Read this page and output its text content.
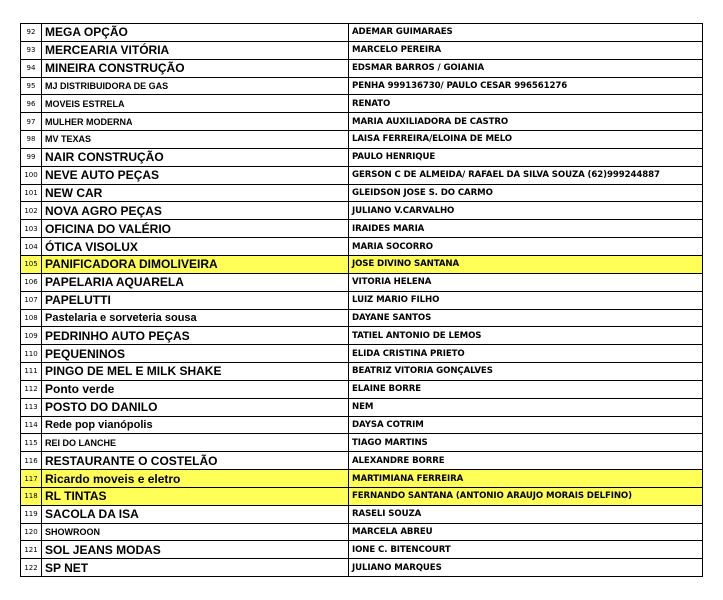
92	MEGA OPÇÃO	ADEMAR GUIMARAES
93	MERCEARIA VITÓRIA	MARCELO PEREIRA
94	MINEIRA CONSTRUÇÃO	EDSMAR BARROS / GOIANIA
95	MJ DISTRIBUIDORA DE GAS	PENHA 999136730/ PAULO CESAR 996561276
96	MOVEIS ESTRELA	RENATO
97	MULHER MODERNA	MARIA AUXILIADORA DE CASTRO
98	MV TEXAS	LAISA FERREIRA/ELOINA DE MELO
99	NAIR CONSTRUÇÃO	PAULO HENRIQUE
100	NEVE AUTO PEÇAS	GERSON C DE ALMEIDA/ RAFAEL DA SILVA SOUZA (62)999244887
101	NEW CAR	GLEIDSON JOSE S. DO CARMO
102	NOVA AGRO PEÇAS	JULIANO V.CARVALHO
103	OFICINA DO VALÉRIO	IRAIDES MARIA
104	ÓTICA VISOLUX	MARIA SOCORRO
105	PANIFICADORA DIMOLIVEIRA	JOSE DIVINO SANTANA
106	PAPELARIA AQUARELA	VITORIA HELENA
107	PAPELUTTI	LUIZ MARIO FILHO
108	Pastelaria e sorveteria sousa	DAYANE SANTOS
109	PEDRINHO AUTO PEÇAS	TATIEL ANTONIO DE LEMOS
110	PEQUENINOS	ELIDA CRISTINA PRIETO
111	PINGO DE MEL E MILK SHAKE	BEATRIZ VITORIA GONÇALVES
112	Ponto verde	ELAINE BORRE
113	POSTO DO DANILO	NEM
114	Rede pop vianópolis	DAYSA COTRIM
115	REI DO LANCHE	TIAGO MARTINS
116	RESTAURANTE O COSTELÃO	ALEXANDRE BORRE
117	Ricardo moveis e eletro	MARTIMIANA FERREIRA
118	RL TINTAS	FERNANDO SANTANA (ANTONIO ARAUJO MORAIS DELFINO)
119	SACOLA DA ISA	RASELI SOUZA
120	SHOWROON	MARCELA ABREU
121	SOL JEANS MODAS	IONE C. BITENCOURT
122	SP NET	JULIANO MARQUES
